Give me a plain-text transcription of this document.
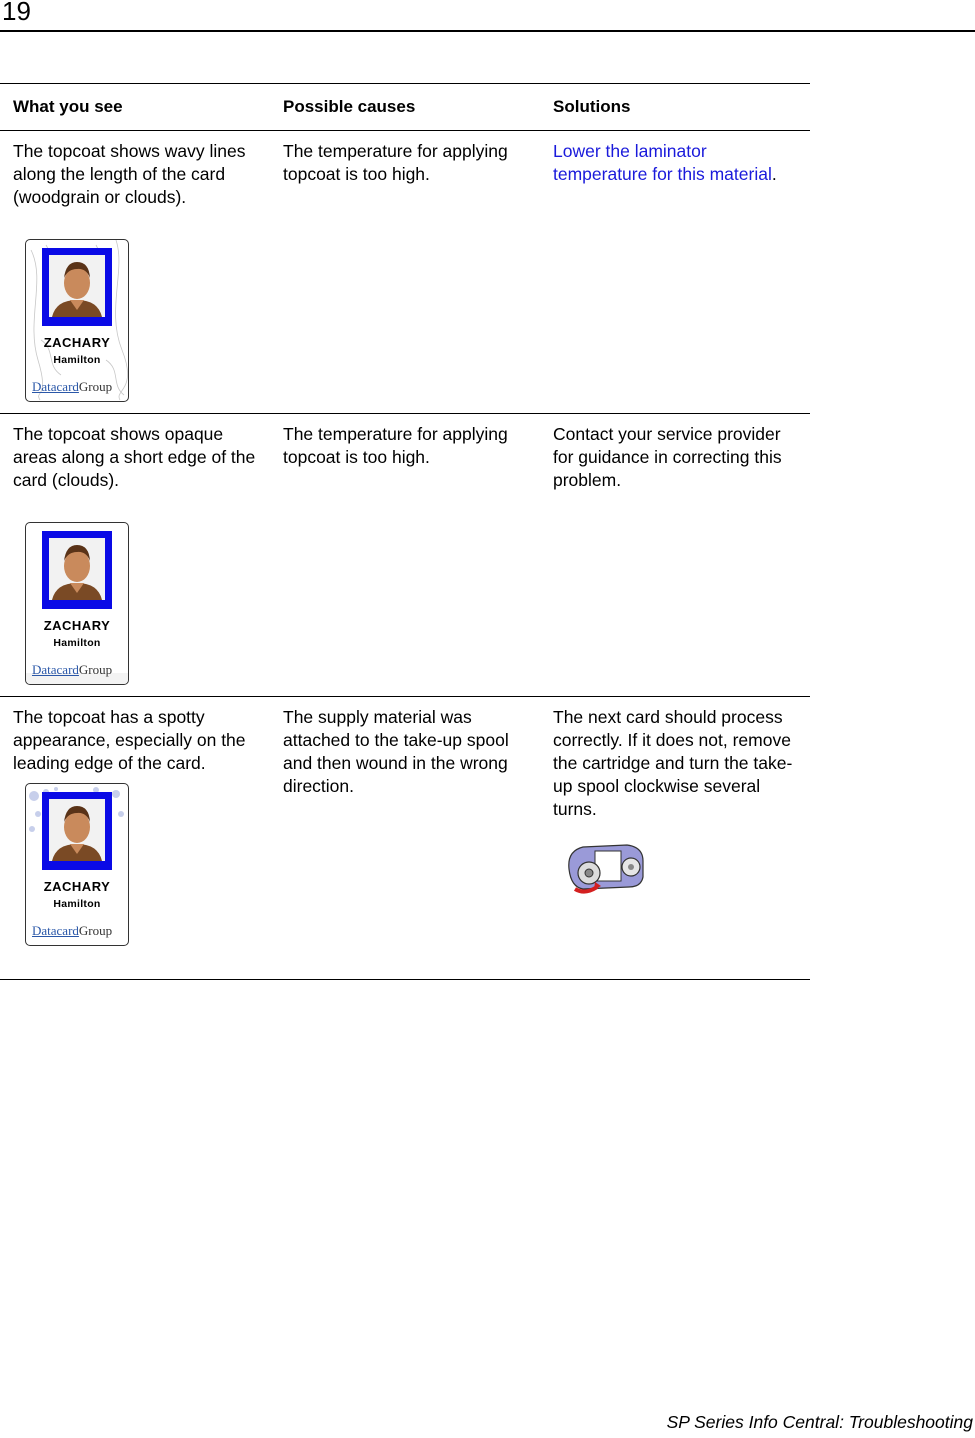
19
What you see	Possible causes	Solutions
The topcoat shows wavy lines along the length of the card (woodgrain or clouds).
ZACHARY
Hamilton
DatacardGroup	The temperature for applying topcoat is too high.	Lower the laminator temperature for this material.
The topcoat shows opaque areas along a short edge of the card (clouds).
ZACHARY
Hamilton
DatacardGroup	The temperature for applying topcoat is too high.	Contact your service provider for guidance in correcting this problem.
The topcoat has a spotty appearance, especially on the leading edge of the card.
ZACHARY
Hamilton
DatacardGroup	The supply material was attached to the take-up spool and then wound in the wrong direction.	The next card should process correctly. If it does not, remove the cartridge and turn the take-up spool clockwise several turns.
SP Series Info Central: Troubleshooting
